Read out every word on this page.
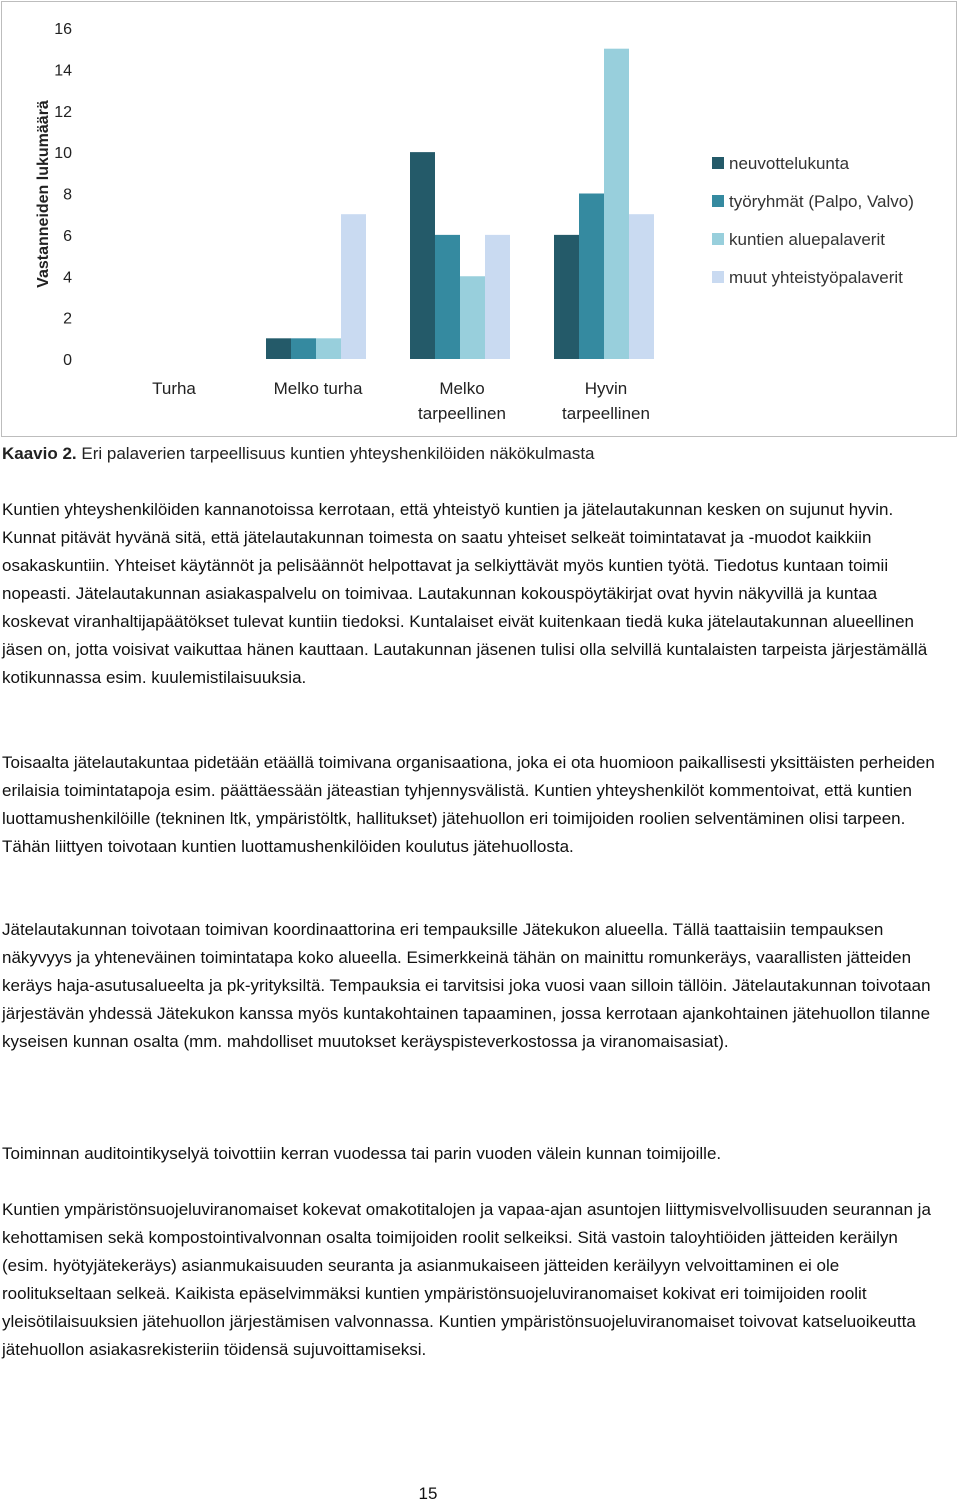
0
2
4
6
8
10
12
14
16
Vastanneiden lukumäärä
Turha	Melko turha	Melko tarpeellinen
Hyvin tarpeellinen
neuvottelukunta
työryhmät (Palpo, Valvo)
kuntien aluepalaverit
muut yhteistyöpalaverit
Kaavio 2. Eri palaverien tarpeellisuus kuntien yhteyshenkilöiden näkökulmasta

Kuntien yhteyshenkilöiden kannanotoissa kerrotaan, että yhteistyö kuntien ja jätelautakunnan kesken on sujunut hyvin. Kunnat pitävät hyvänä sitä, että jätelautakunnan toimesta on saatu yhteiset selkeät toimintatavat ja -muodot kaikkiin osakaskuntiin. Yhteiset käytännöt ja pelisäännöt helpottavat ja selkiyttävät myös kuntien työtä. Tiedotus kuntaan toimii nopeasti. Jätelautakunnan asiakaspalvelu on toimivaa. Lautakunnan kokouspöytäkirjat ovat hyvin näkyvillä ja kuntaa koskevat viranhaltijapäätökset tulevat kuntiin tiedoksi. Kuntalaiset eivät kuitenkaan tiedä kuka jätelautakunnan alueellinen jäsen on, jotta voisivat vaikuttaa hänen kauttaan. Lautakunnan jäsenen tulisi olla selvillä kuntalaisten tarpeista järjestämällä kotikunnassa esim. kuulemistilaisuuksia.

Toisaalta jätelautakuntaa pidetään etäällä toimivana organisaationa, joka ei ota huomioon paikallisesti yksittäisten perheiden erilaisia toimintatapoja esim. päättäessään jäteastian tyhjennysvälistä. Kuntien yhteyshenkilöt kommentoivat, että kuntien luottamushenkilöille (tekninen ltk, ympäristöltk, hallitukset) jätehuollon eri toimijoiden roolien selventäminen olisi tarpeen. Tähän liittyen toivotaan kuntien luottamushenkilöiden koulutus jätehuollosta.

Jätelautakunnan toivotaan toimivan koordinaattorina eri tempauksille Jätekukon alueella. Tällä taattaisiin tempauksen näkyvyys ja yhteneväinen toimintatapa koko alueella. Esimerkkeinä tähän on mainittu romunkeräys, vaarallisten jätteiden keräys haja-asutusalueelta ja pk-yrityksiltä. Tempauksia ei tarvitsisi joka vuosi vaan silloin tällöin. Jätelautakunnan toivotaan järjestävän yhdessä Jätekukon kanssa myös kuntakohtainen tapaaminen, jossa kerrotaan ajankohtainen jätehuollon tilanne kyseisen kunnan osalta (mm. mahdolliset muutokset keräyspisteverkostossa ja viranomaisasiat).

Toiminnan auditointikyselyä toivottiin kerran vuodessa tai parin vuoden välein kunnan toimijoille.

Kuntien ympäristönsuojeluviranomaiset kokevat omakotitalojen ja vapaa-ajan asuntojen liittymisvelvollisuuden seurannan ja kehottamisen sekä kompostointivalvonnan osalta toimijoiden roolit selkeiksi. Sitä vastoin taloyhtiöiden jätteiden keräilyn (esim. hyötyjätekeräys) asianmukaisuuden seuranta ja asianmukaiseen jätteiden keräilyyn velvoittaminen ei ole roolitukseltaan selkeä. Kaikista epäselvimmäksi kuntien ympäristönsuojeluviranomaiset kokivat eri toimijoiden roolit yleisötilaisuuksien jätehuollon järjestämisen valvonnassa. Kuntien ympäristönsuojeluviranomaiset toivovat katseluoikeutta jätehuollon asiakasrekisteriin töidensä sujuvoittamiseksi.

15
